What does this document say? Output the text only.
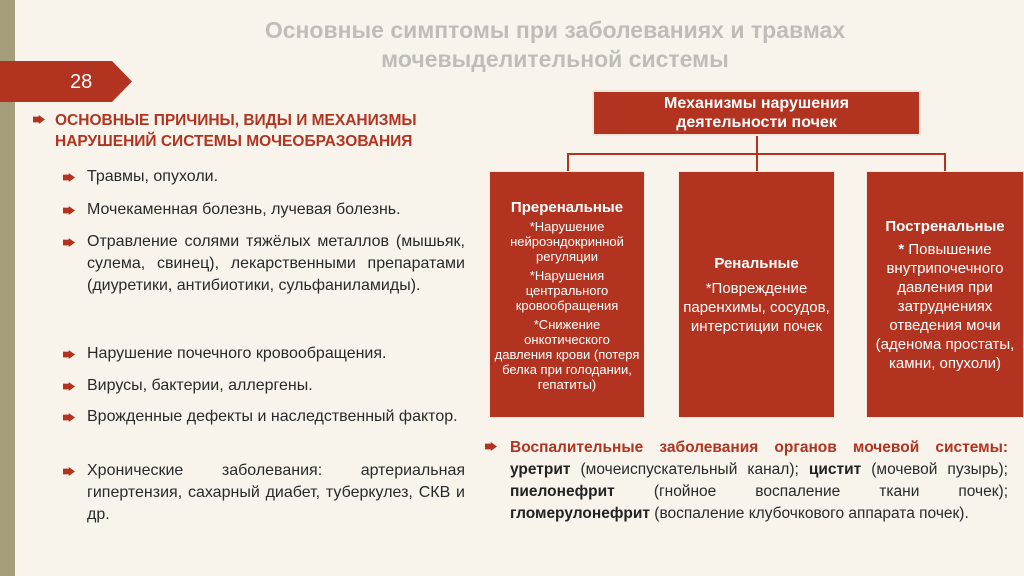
Основные симптомы при заболеваниях и травмах
мочевыделительной системы
28
ОСНОВНЫЕ ПРИЧИНЫ, ВИДЫ И МЕХАНИЗМЫ
НАРУШЕНИЙ СИСТЕМЫ МОЧЕОБРАЗОВАНИЯ
Травмы, опухоли.
Мочекаменная болезнь, лучевая болезнь.
Отравление солями тяжёлых металлов (мышьяк, сулема, свинец), лекарственными препаратами (диуретики, антибиотики, сульфаниламиды).
Нарушение почечного кровообращения.
Вирусы, бактерии, аллергены.
Врожденные дефекты и наследственный фактор.
Хронические заболевания: артериальная гипертензия, сахарный диабет, туберкулез, СКВ и др.
Механизмы нарушения
деятельности почек
Преренальные
*Нарушение нейроэндокринной регуляции
*Нарушения центрального кровообращения
*Снижение онкотического давления крови (потеря белка при голодании, гепатиты)
Ренальные
*Повреждение паренхимы, сосудов, интерстиции почек
Постренальные
* Повышение внутрипочечного давления при затруднениях отведения мочи (аденома простаты, камни, опухоли)
Воспалительные заболевания органов мочевой системы: уретрит (мочеиспускательный канал); цистит (мочевой пузырь); пиелонефрит	(гнойное воспаление ткани почек); гломерулонефрит (воспаление клубочкового аппарата почек).
